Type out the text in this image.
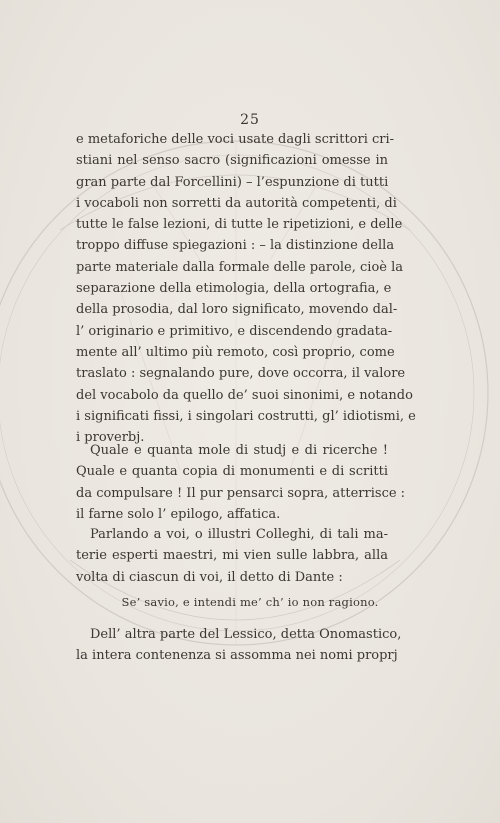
25
e metaforiche delle voci usate dagli scrittori cri-
stiani nel senso sacro (significazioni omesse in
gran parte dal Forcellini) – l’espunzione di tutti
i vocaboli non sorretti da autorità competenti, di
tutte le false lezioni, di tutte le ripetizioni, e delle
troppo diffuse spiegazioni : – la distinzione della
parte materiale dalla formale delle parole, cioè la
separazione della etimologia, della ortografia, e
della prosodia, dal loro significato, movendo dal-
l’ originario e primitivo, e discendendo gradata-
mente all’ ultimo più remoto, così proprio, come
traslato : segnalando pure, dove occorra, il valore
del vocabolo da quello de’ suoi sinonimi, e notando
i significati fissi, i singolari costrutti, gl’ idiotismi, e
i proverbj.
Quale e quanta mole di studj e di ricerche !
Quale e quanta copia di monumenti e di scritti
da compulsare ! Il pur pensarci sopra, atterrisce :
il farne solo l’ epilogo, affatica.
Parlando a voi, o illustri Colleghi, di tali ma-
terie esperti maestri, mi vien sulle labbra, alla
volta di ciascun di voi, il detto di Dante :
Se’ savio, e intendi me’ ch’ io non ragiono.
Dell’ altra parte del Lessico, detta Onomastico,
la intera contenenza si assomma nei nomi proprj
